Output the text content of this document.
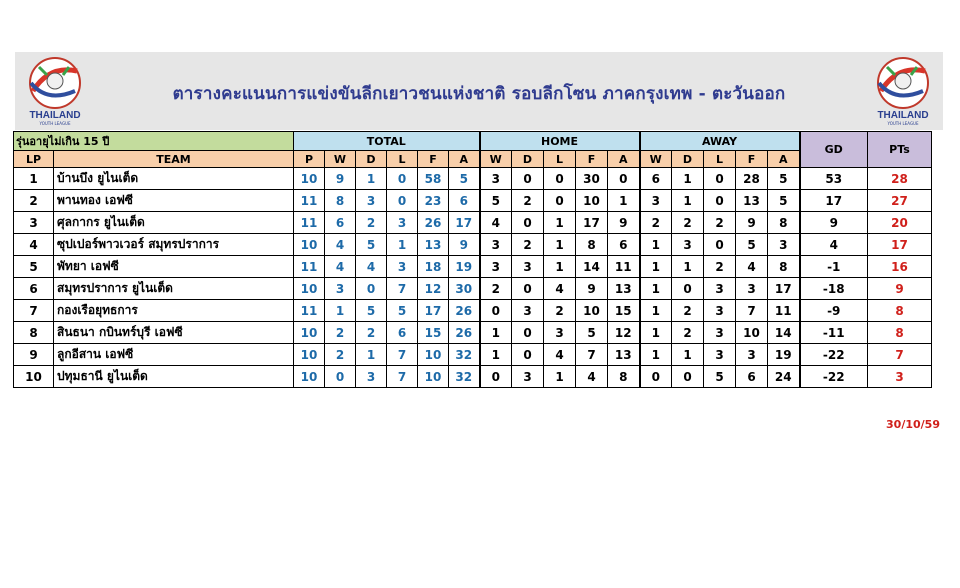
THAILAND
YOUTH LEAGUE
ตารางคะแนนการแข่งขันลีกเยาวชนแห่งชาติ รอบลีกโซน ภาคกรุงเทพ - ตะวันออก
THAILAND
YOUTH LEAGUE
รุ่นอายุไม่เกิน 15 ปี		TOTAL						HOME					AWAY					GD	PTs
LP	TEAM	P	W	D	L	F	A	W	D	L	F	A	W	D	L	F	A		
1	บ้านบึง ยูไนเต็ด	10	9	1	0	58	5	3	0	0	30	0	6	1	0	28	5	53	28
2	พานทอง เอฟซี	11	8	3	0	23	6	5	2	0	10	1	3	1	0	13	5	17	27
3	ศุลกากร ยูไนเต็ด	11	6	2	3	26	17	4	0	1	17	9	2	2	2	9	8	9	20
4	ซุปเปอร์พาวเวอร์ สมุทรปราการ	10	4	5	1	13	9	3	2	1	8	6	1	3	0	5	3	4	17
5	พัทยา เอฟซี	11	4	4	3	18	19	3	3	1	14	11	1	1	2	4	8	-1	16
6	สมุทรปราการ ยูไนเต็ด	10	3	0	7	12	30	2	0	4	9	13	1	0	3	3	17	-18	9
7	กองเรือยุทธการ	11	1	5	5	17	26	0	3	2	10	15	1	2	3	7	11	-9	8
8	สินธนา กบินทร์บุรี เอฟซี	10	2	2	6	15	26	1	0	3	5	12	1	2	3	10	14	-11	8
9	ลูกอีสาน เอฟซี	10	2	1	7	10	32	1	0	4	7	13	1	1	3	3	19	-22	7
10	ปทุมธานี ยูไนเต็ด	10	0	3	7	10	32	0	3	1	4	8	0	0	5	6	24	-22	3
30/10/59
